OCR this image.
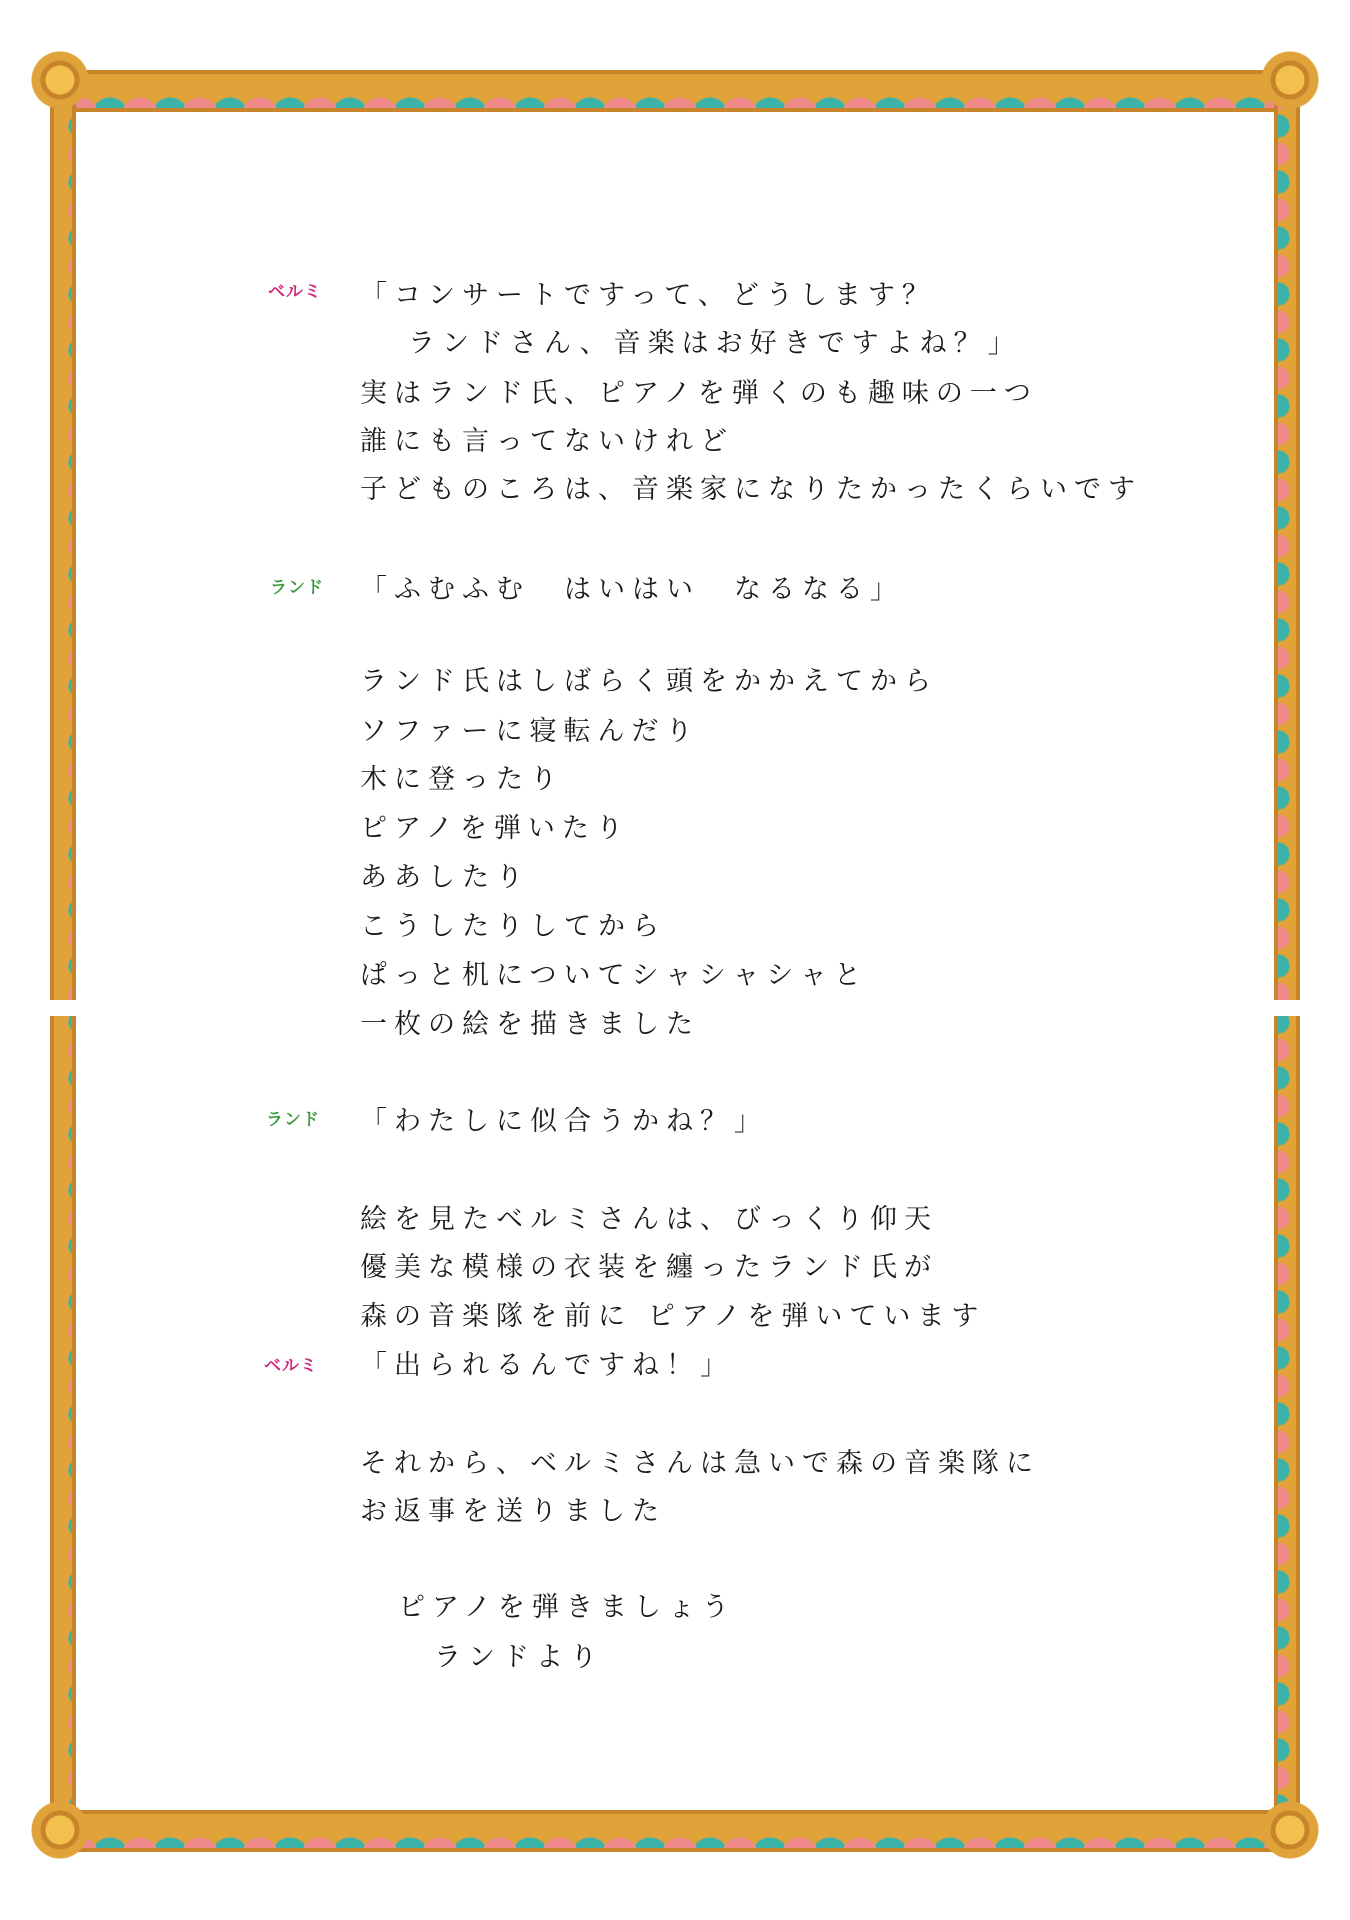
ベルミ
ランド
ランド
ベルミ
「コンサートですって、どうします？
ランドさん、音楽はお好きですよね？」
実はランド氏、ピアノを弾くのも趣味の一つ
誰にも言ってないけれど
子どものころは、音楽家になりたかったくらいです
「ふむふむ　はいはい　なるなる」
ランド氏はしばらく頭をかかえてから
ソファーに寝転んだり
木に登ったり
ピアノを弾いたり
ああしたり
こうしたりしてから
ぱっと机についてシャシャシャと
一枚の絵を描きました
「わたしに似合うかね？」
絵を見たベルミさんは、びっくり仰天
優美な模様の衣装を纏ったランド氏が
森の音楽隊を前に ピアノを弾いています
「出られるんですね！」
それから、ベルミさんは急いで森の音楽隊に
お返事を送りました
ピアノを弾きましょう
ランドより
